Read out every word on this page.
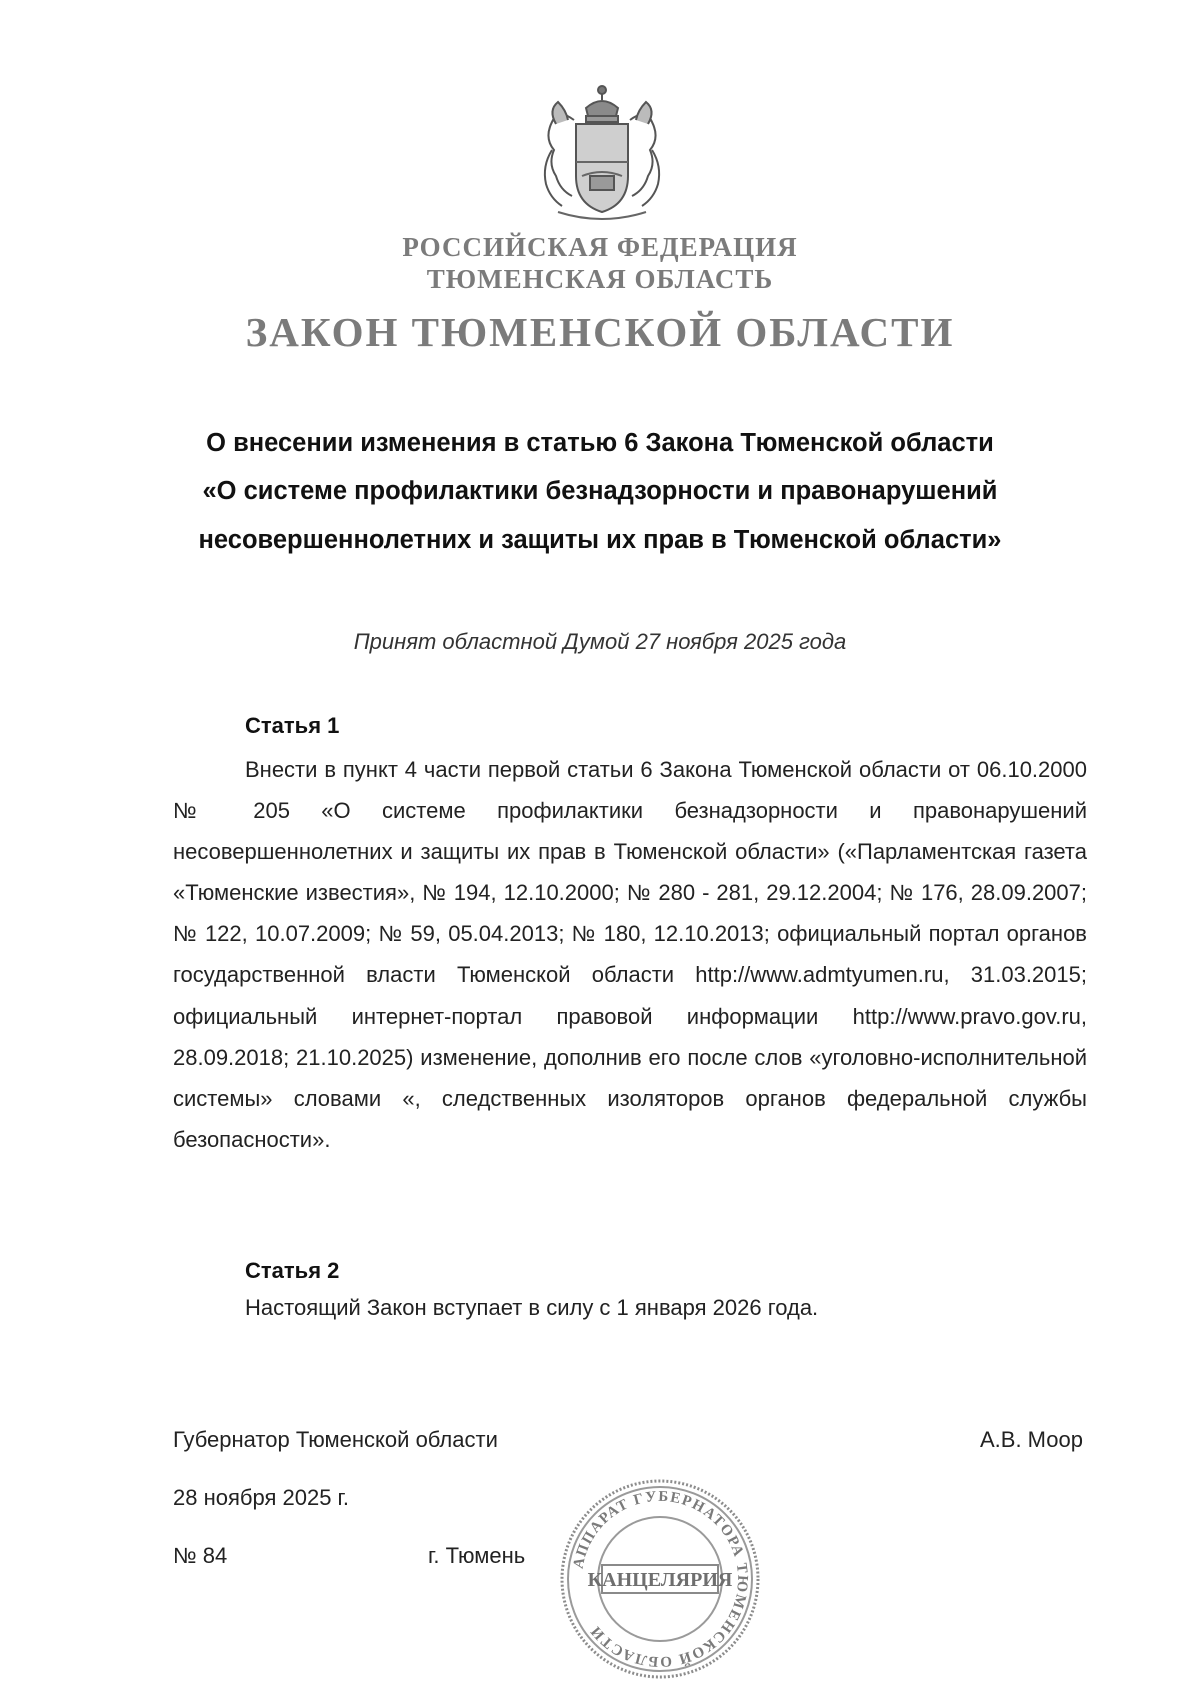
РОССИЙСКАЯ ФЕДЕРАЦИЯ
ТЮМЕНСКАЯ ОБЛАСТЬ
ЗАКОН ТЮМЕНСКОЙ ОБЛАСТИ
О внесении изменения в статью 6 Закона Тюменской области
«О системе профилактики безнадзорности и правонарушений
несовершеннолетних и защиты их прав в Тюменской области»
Принят областной Думой 27 ноября 2025 года
Статья 1

Внести в пункт 4 части первой статьи 6 Закона Тюменской области от 06.10.2000 № 205 «О системе профилактики безнадзорности и правонарушений несовершеннолетних и защиты их прав в Тюменской области» («Парламентская газета «Тюменские известия», № 194, 12.10.2000; № 280 - 281, 29.12.2004; № 176, 28.09.2007; № 122, 10.07.2009; № 59, 05.04.2013; № 180, 12.10.2013; официальный портал органов государственной власти Тюменской области http://www.admtyumen.ru, 31.03.2015; официальный интернет-портал правовой информации http://www.pravo.gov.ru, 28.09.2018; 21.10.2025) изменение, дополнив его после слов «уголовно-исполнительной системы» словами «, следственных изоляторов органов федеральной службы безопасности».

Статья 2
Настоящий Закон вступает в силу с 1 января 2026 года.
Губернатор Тюменской области	А.В. Моор
28 ноября 2025 г.
№ 84	г. Тюмень	АППАРАТ ГУБЕРНАТОРА ТЮМЕНСКОЙ ОБЛАСТИ
КАНЦЕЛЯРИЯ
